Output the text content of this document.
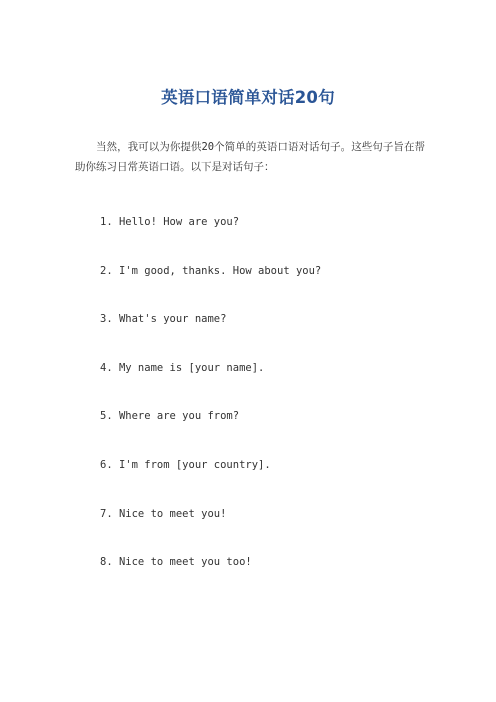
英语口语简单对话20句

当然，我可以为你提供20个简单的英语口语对话句子。这些句子旨在帮助你练习日常英语口语。以下是对话句子：

1. Hello! How are you?
2. I'm good, thanks. How about you?
3. What's your name?
4. My name is [your name].
5. Where are you from?
6. I'm from [your country].
7. Nice to meet you!
8. Nice to meet you too!
